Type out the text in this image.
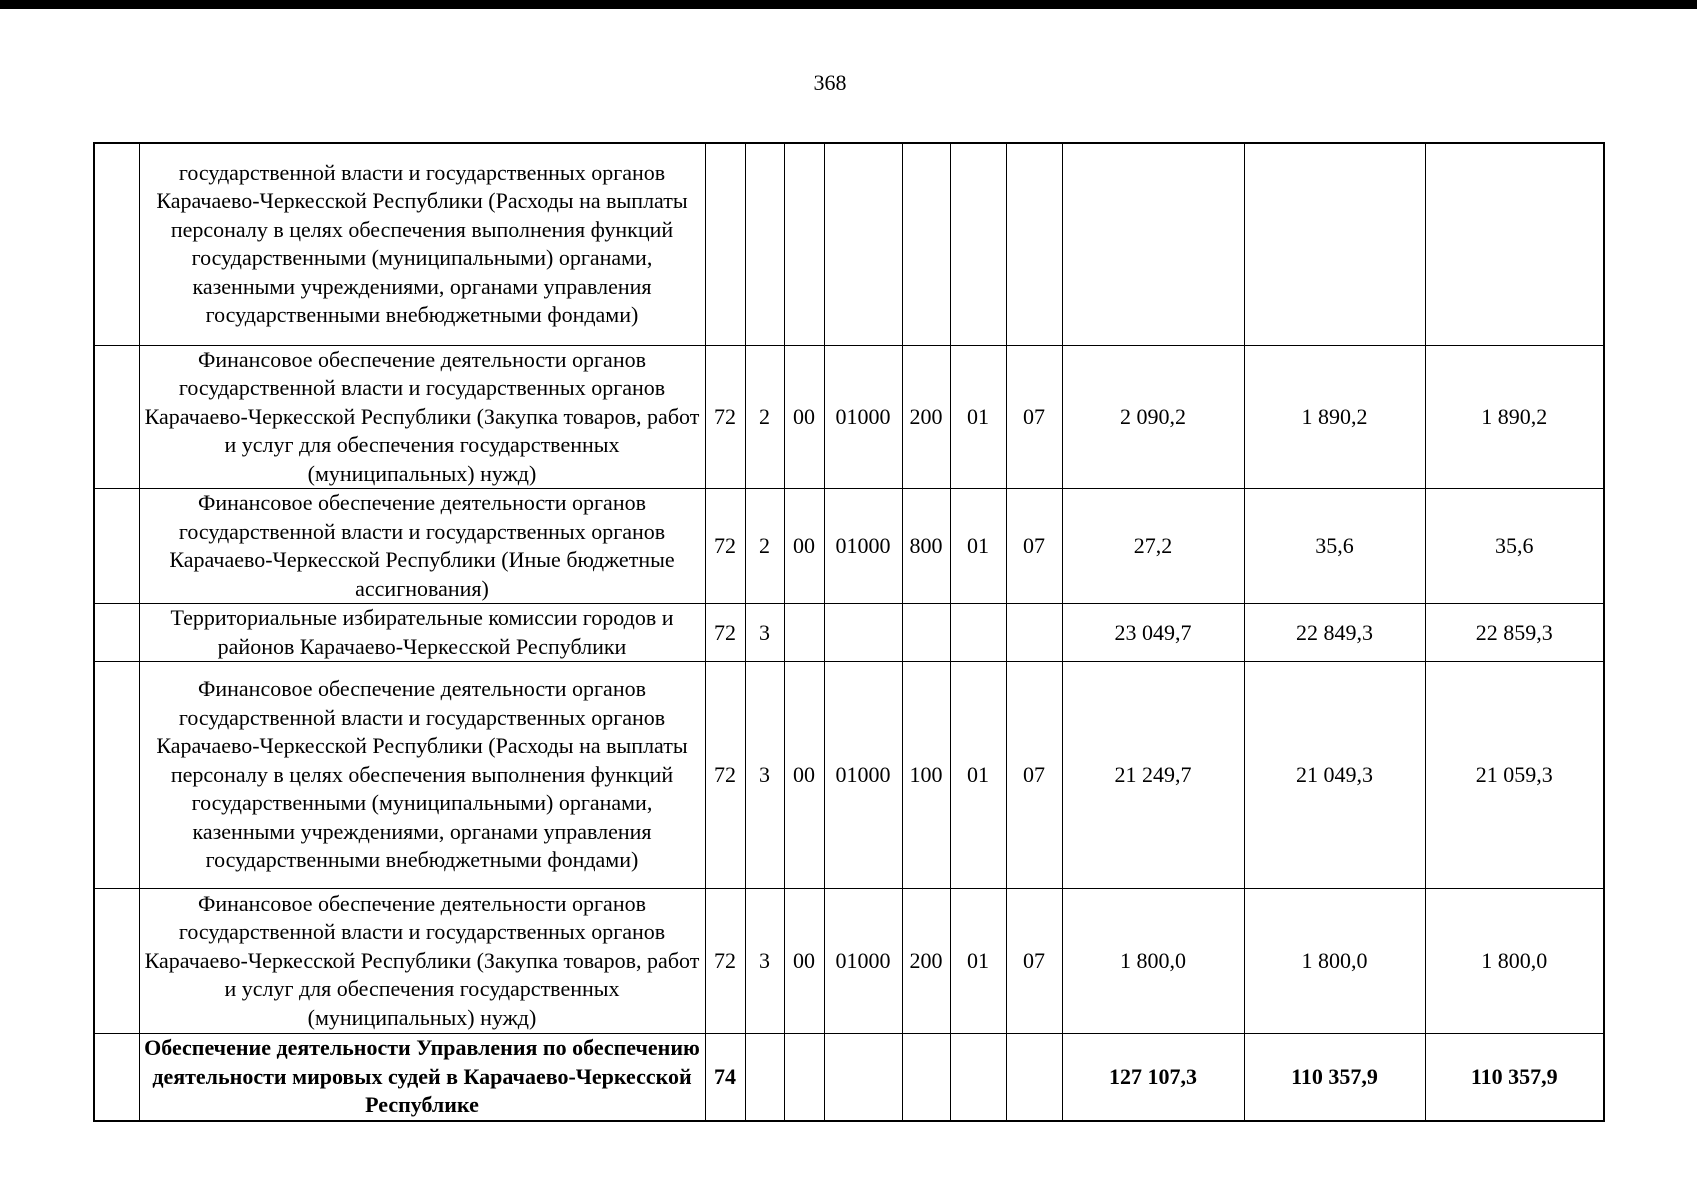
368
	государственной власти и государственных органов Карачаево-Черкесской Республики (Расходы на выплаты персоналу в целях обеспечения выполнения функций государственными (муниципальными) органами, казенными учреждениями, органами управления государственными внебюджетными фондами)										
	Финансовое обеспечение деятельности органов государственной власти и государственных органов Карачаево-Черкесской Республики (Закупка товаров, работ и услуг для обеспечения государственных (муниципальных) нужд)	72	2	00	01000	200	01	07	2 090,2	1 890,2	1 890,2
	Финансовое обеспечение деятельности органов государственной власти и государственных органов Карачаево-Черкесской Республики (Иные бюджетные ассигнования)	72	2	00	01000	800	01	07	27,2	35,6	35,6
	Территориальные избирательные комиссии городов и районов Карачаево-Черкесской Республики	72	3						23 049,7	22 849,3	22 859,3
	Финансовое обеспечение деятельности органов государственной власти и государственных органов Карачаево-Черкесской Республики (Расходы на выплаты персоналу в целях обеспечения выполнения функций государственными (муниципальными) органами, казенными учреждениями, органами управления государственными внебюджетными фондами)	72	3	00	01000	100	01	07	21 249,7	21 049,3	21 059,3
	Финансовое обеспечение деятельности органов государственной власти и государственных органов Карачаево-Черкесской Республики (Закупка товаров, работ и услуг для обеспечения государственных (муниципальных) нужд)	72	3	00	01000	200	01	07	1 800,0	1 800,0	1 800,0
	Обеспечение деятельности Управления по обеспечению деятельности мировых судей в Карачаево-Черкесской Республике	74							127 107,3	110 357,9	110 357,9
